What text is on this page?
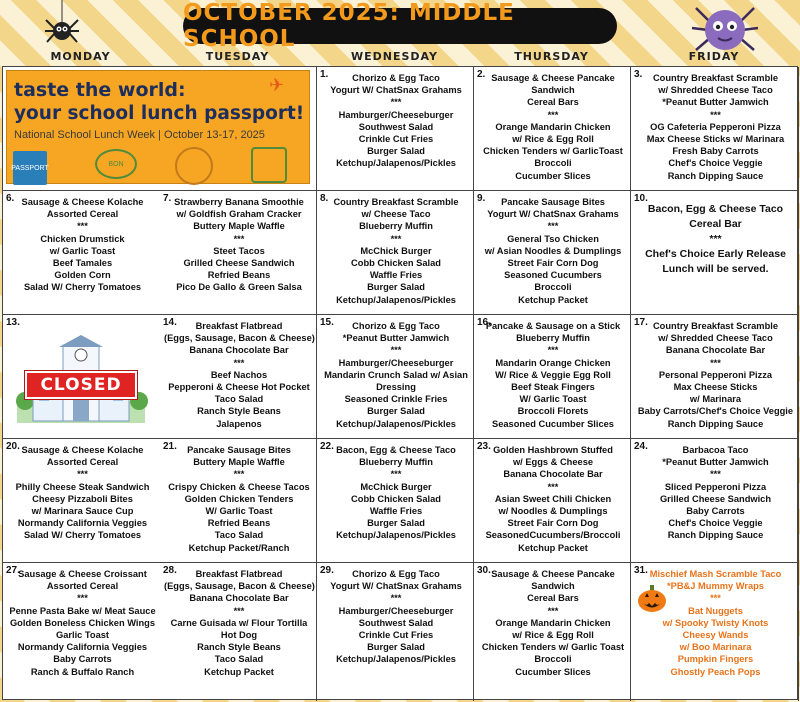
OCTOBER 2025: MIDDLE SCHOOL
MONDAY	TUESDAY	WEDNESDAY	THURSDAY	FRIDAY
taste the world:
your school lunch passport!
National School Lunch Week | October 13-17, 2025
PASSPORT
BON
✈
1.	Chorizo & Egg Taco
Yogurt W/ ChatSnax Grahams
***
Hamburger/Cheeseburger
Southwest Salad
Crinkle Cut Fries
Burger Salad
Ketchup/Jalapenos/Pickles
2. Sausage & Cheese Pancake
Sandwich
Cereal Bars
***
Orange Mandarin Chicken
w/ Rice & Egg Roll
Chicken Tenders w/ GarlicToast
Broccoli
Cucumber Slices
3.	Country Breakfast Scramble
w/ Shredded Cheese Taco
*Peanut Butter Jamwich
***
OG Cafeteria Pepperoni Pizza
Max Cheese Sticks w/ Marinara
Fresh Baby Carrots
Chef's Choice Veggie
Ranch Dipping Sauce
6. Sausage & Cheese Kolache
Assorted Cereal
***
Chicken Drumstick
w/ Garlic Toast
Beef Tamales
Golden Corn
Salad W/ Cherry Tomatoes
7. Strawberry Banana Smoothie
w/ Goldfish Graham Cracker
Buttery Maple Waffle
***
Steet Tacos
Grilled Cheese Sandwich
Refried Beans
Pico De Gallo & Green Salsa
8. Country Breakfast Scramble
w/ Cheese Taco
Blueberry Muffin
***
McChick Burger
Cobb Chicken Salad
Waffle Fries
Burger Salad
Ketchup/Jalapenos/Pickles
9.	Pancake Sausage Bites
Yogurt W/ ChatSnax Grahams
***
General Tso Chicken
w/ Asian Noodles & Dumplings
Street Fair Corn Dog
Seasoned Cucumbers
Broccoli
Ketchup Packet
10.
Bacon, Egg & Cheese Taco
Cereal Bar
***
Chef's Choice Early Release
Lunch will be served.
13.
CLOSED
14.	Breakfast Flatbread
(Eggs, Sausage, Bacon & Cheese)
Banana Chocolate Bar
***
Beef Nachos
Pepperoni & Cheese Hot Pocket
Taco Salad
Ranch Style Beans
Jalapenos
15.	Chorizo & Egg Taco
*Peanut Butter Jamwich
***
Hamburger/Cheeseburger
Mandarin Crunch Salad w/ Asian
Dressing
Seasoned Crinkle Fries
Burger Salad
Ketchup/Jalapenos/Pickles
16.
Pancake & Sausage on a Stick
Blueberry Muffin
***
Mandarin Orange Chicken
W/ Rice & Veggie Egg Roll
Beef Steak Fingers
W/ Garlic Toast
Broccoli Florets
Seasoned Cucumber Slices
17. Country Breakfast Scramble
w/ Shredded Cheese Taco
Banana Chocolate Bar
***
Personal Pepperoni Pizza
Max Cheese Sticks
w/ Marinara
Baby Carrots/Chef's Choice Veggie
Ranch Dipping Sauce
20. Sausage & Cheese Kolache
Assorted Cereal
***
Philly Cheese Steak Sandwich
Cheesy Pizzaboli Bites
w/ Marinara Sauce Cup
Normandy California Veggies
Salad W/ Cherry Tomatoes
21.	Pancake Sausage Bites
Buttery Maple Waffle
***
Crispy Chicken & Cheese Tacos
Golden Chicken Tenders
W/ Garlic Toast
Refried Beans
Taco Salad
Ketchup Packet/Ranch
22. Bacon, Egg & Cheese Taco
Blueberry Muffin
***
McChick Burger
Cobb Chicken Salad
Waffle Fries
Burger Salad
Ketchup/Jalapenos/Pickles
23. Golden Hashbrown Stuffed
w/ Eggs & Cheese
Banana Chocolate Bar
***
Asian Sweet Chili Chicken
w/ Noodles & Dumplings
Street Fair Corn Dog
SeasonedCucumbers/Broccoli
Ketchup Packet
24.	Barbacoa Taco
*Peanut Butter Jamwich
***
Sliced Pepperoni Pizza
Grilled Cheese Sandwich
Baby Carrots
Chef's Choice Veggie
Ranch Dipping Sauce
27.
Sausage & Cheese Croissant
Assorted Cereal
***
Penne Pasta Bake w/ Meat Sauce
Golden Boneless Chicken Wings
Garlic Toast
Normandy California Veggies
Baby Carrots
Ranch & Buffalo Ranch
28.	Breakfast Flatbread
(Eggs, Sausage, Bacon & Cheese)
Banana Chocolate Bar
***
Carne Guisada w/ Flour Tortilla
Hot Dog
Ranch Style Beans
Taco Salad
Ketchup Packet
29.	Chorizo & Egg Taco
Yogurt W/ ChatSnax Grahams
***
Hamburger/Cheeseburger
Southwest Salad
Crinkle Cut Fries
Burger Salad
Ketchup/Jalapenos/Pickles
30. Sausage & Cheese Pancake
Sandwich
Cereal Bars
***
Orange Mandarin Chicken
w/ Rice & Egg Roll
Chicken Tenders w/ Garlic Toast
Broccoli
Cucumber Slices
31. Mischief Mash Scramble Taco
*PB&J Mummy Wraps
***
Bat Nuggets
w/ Spooky Twisty Knots
Cheesy Wands
w/ Boo Marinara
Pumpkin Fingers
Ghostly Peach Pops
